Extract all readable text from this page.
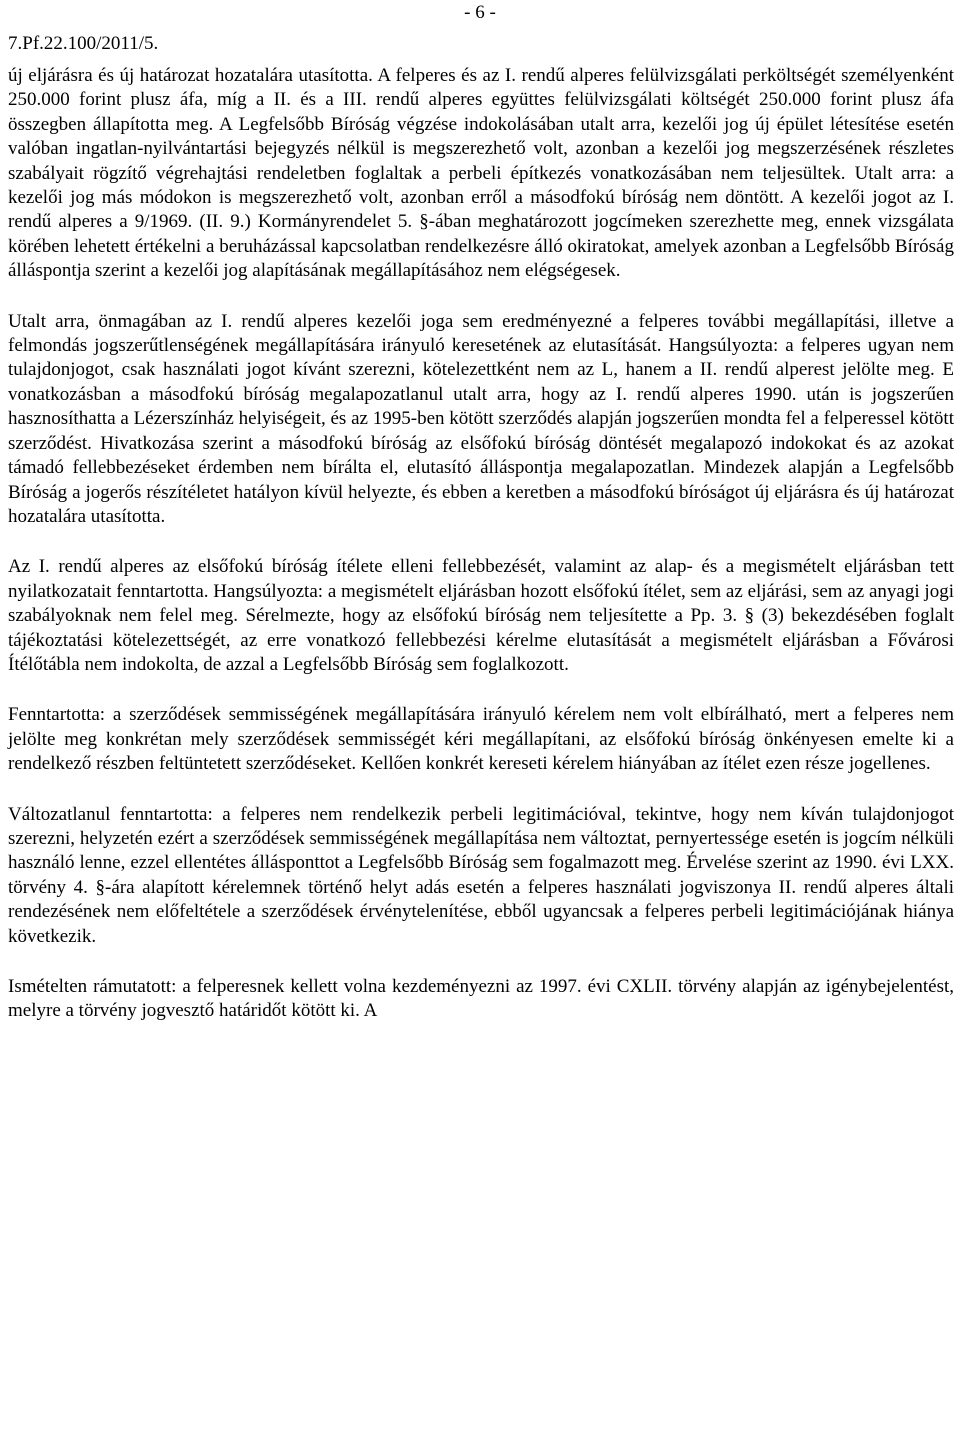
- 6 -
7.Pf.22.100/2011/5.

új eljárásra és új határozat hozatalára utasította. A felperes és az I. rendű alperes felülvizsgálati perköltségét személyenként 250.000 forint plusz áfa, míg a II. és a III. rendű alperes együttes felülvizsgálati költségét 250.000 forint plusz áfa összegben állapította meg. A Legfelsőbb Bíróság végzése indokolásában utalt arra, kezelői jog új épület létesítése esetén valóban ingatlan-nyilvántartási bejegyzés nélkül is megszerezhető volt, azonban a kezelői jog megszerzésének részletes szabályait rögzítő végrehajtási rendeletben foglaltak a perbeli építkezés vonatkozásában nem teljesültek. Utalt arra: a kezelői jog más módokon is megszerezhető volt, azonban erről a másodfokú bíróság nem döntött. A kezelői jogot az I. rendű alperes a 9/1969. (II. 9.) Kormányrendelet 5. §-ában meghatározott jogcímeken szerezhette meg, ennek vizsgálata körében lehetett értékelni a beruházással kapcsolatban rendelkezésre álló okiratokat, amelyek azonban a Legfelsőbb Bíróság álláspontja szerint a kezelői jog alapításának megállapításához nem elégségesek.

Utalt arra, önmagában az I. rendű alperes kezelői joga sem eredményezné a felperes további megállapítási, illetve a felmondás jogszerűtlenségének megállapítására irányuló keresetének az elutasítását. Hangsúlyozta: a felperes ugyan nem tulajdonjogot, csak használati jogot kívánt szerezni, kötelezettként nem az L, hanem a II. rendű alperest jelölte meg. E vonatkozásban a másodfokú bíróság megalapozatlanul utalt arra, hogy az I. rendű alperes 1990. után is jogszerűen hasznosíthatta a Lézerszínház helyiségeit, és az 1995-ben kötött szerződés alapján jogszerűen mondta fel a felperessel kötött szerződést. Hivatkozása szerint a másodfokú bíróság az elsőfokú bíróság döntését megalapozó indokokat és az azokat támadó fellebbezéseket érdemben nem bírálta el, elutasító álláspontja megalapozatlan. Mindezek alapján a Legfelsőbb Bíróság a jogerős részítéletet hatályon kívül helyezte, és ebben a keretben a másodfokú bíróságot új eljárásra és új határozat hozatalára utasította.

Az I. rendű alperes az elsőfokú bíróság ítélete elleni fellebbezését, valamint az alap- és a megismételt eljárásban tett nyilatkozatait fenntartotta. Hangsúlyozta: a megismételt eljárásban hozott elsőfokú ítélet, sem az eljárási, sem az anyagi jogi szabályoknak nem felel meg. Sérelmezte, hogy az elsőfokú bíróság nem teljesítette a Pp. 3. § (3) bekezdésében foglalt tájékoztatási kötelezettségét, az erre vonatkozó fellebbezési kérelme elutasítását a megismételt eljárásban a Fővárosi Ítélőtábla nem indokolta, de azzal a Legfelsőbb Bíróság sem foglalkozott.

Fenntartotta: a szerződések semmisségének megállapítására irányuló kérelem nem volt elbírálható, mert a felperes nem jelölte meg konkrétan mely szerződések semmisségét kéri megállapítani, az elsőfokú bíróság önkényesen emelte ki a rendelkező részben feltüntetett szerződéseket. Kellően konkrét kereseti kérelem hiányában az ítélet ezen része jogellenes.

Változatlanul fenntartotta: a felperes nem rendelkezik perbeli legitimációval, tekintve, hogy nem kíván tulajdonjogot szerezni, helyzetén ezért a szerződések semmisségének megállapítása nem változtat, pernyertessége esetén is jogcím nélküli használó lenne, ezzel ellentétes állásponttot a Legfelsőbb Bíróság sem fogalmazott meg. Érvelése szerint az 1990. évi LXX. törvény 4. §-ára alapított kérelemnek történő helyt adás esetén a felperes használati jogviszonya II. rendű alperes általi rendezésének nem előfeltétele a szerződések érvénytelenítése, ebből ugyancsak a felperes perbeli legitimációjának hiánya következik.

Ismételten rámutatott: a felperesnek kellett volna kezdeményezni az 1997. évi CXLII. törvény alapján az igénybejelentést, melyre a törvény jogvesztő határidőt kötött ki. A
